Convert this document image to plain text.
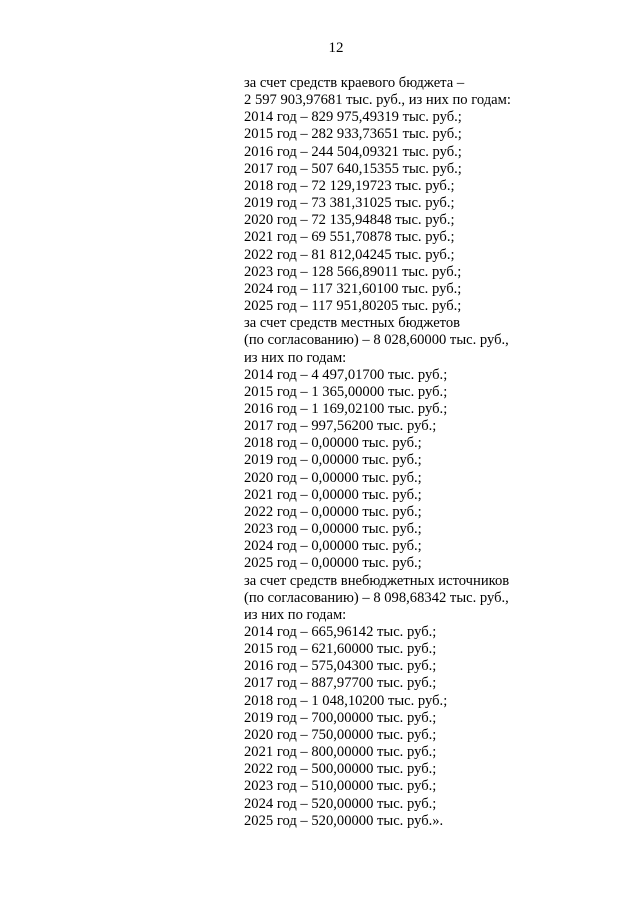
12
за счет средств краевого бюджета –
2 597 903,97681 тыс. руб., из них по годам:
2014 год – 829 975,49319 тыс. руб.;
2015 год – 282 933,73651 тыс. руб.;
2016 год – 244 504,09321 тыс. руб.;
2017 год – 507 640,15355 тыс. руб.;
2018 год – 72 129,19723 тыс. руб.;
2019 год – 73 381,31025 тыс. руб.;
2020 год – 72 135,94848 тыс. руб.;
2021 год – 69 551,70878 тыс. руб.;
2022 год – 81 812,04245 тыс. руб.;
2023 год – 128 566,89011 тыс. руб.;
2024 год – 117 321,60100 тыс. руб.;
2025 год – 117 951,80205 тыс. руб.;
за счет средств местных бюджетов
(по согласованию) – 8 028,60000 тыс. руб.,
из них по годам:
2014 год – 4 497,01700 тыс. руб.;
2015 год – 1 365,00000 тыс. руб.;
2016 год – 1 169,02100 тыс. руб.;
2017 год – 997,56200 тыс. руб.;
2018 год – 0,00000 тыс. руб.;
2019 год – 0,00000 тыс. руб.;
2020 год – 0,00000 тыс. руб.;
2021 год – 0,00000 тыс. руб.;
2022 год – 0,00000 тыс. руб.;
2023 год – 0,00000 тыс. руб.;
2024 год – 0,00000 тыс. руб.;
2025 год – 0,00000 тыс. руб.;
за счет средств внебюджетных источников
(по согласованию) – 8 098,68342 тыс. руб.,
из них по годам:
2014 год – 665,96142 тыс. руб.;
2015 год – 621,60000 тыс. руб.;
2016 год – 575,04300 тыс. руб.;
2017 год – 887,97700 тыс. руб.;
2018 год – 1 048,10200 тыс. руб.;
2019 год – 700,00000 тыс. руб.;
2020 год – 750,00000 тыс. руб.;
2021 год – 800,00000 тыс. руб.;
2022 год – 500,00000 тыс. руб.;
2023 год – 510,00000 тыс. руб.;
2024 год – 520,00000 тыс. руб.;
2025 год – 520,00000 тыс. руб.».
